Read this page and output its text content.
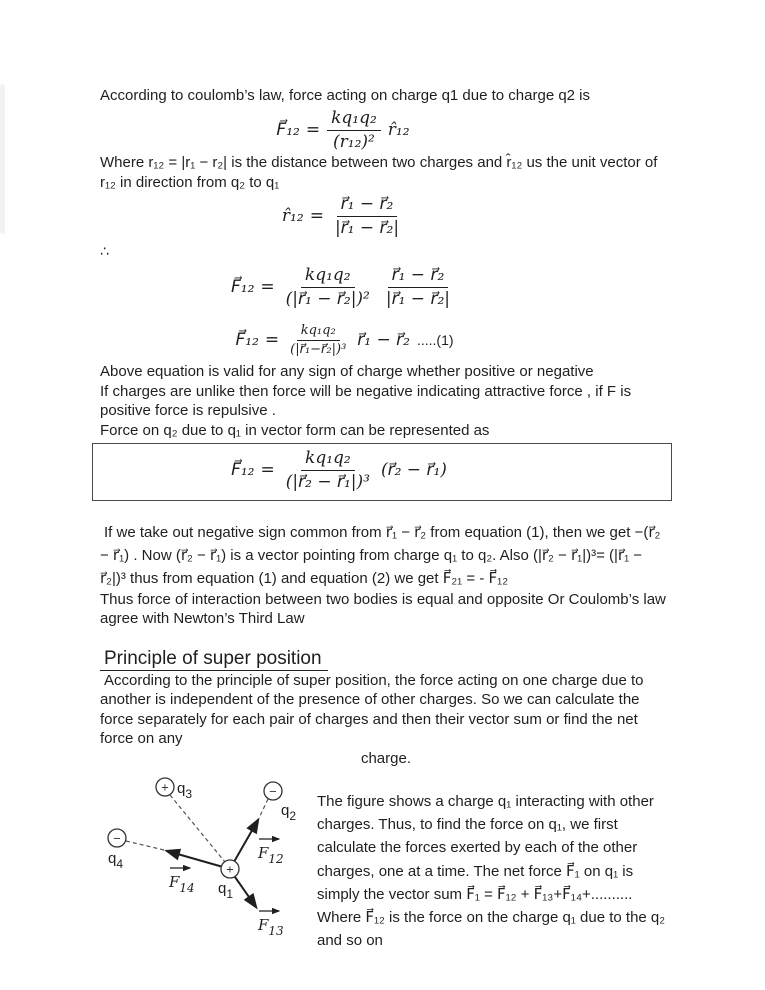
According to coulomb’s law, force acting on charge q1 due to charge q2 is

F⃗₁₂ = $\frac{\text{kq₁q₂}}{\text{(r₁₂)²}}$ r̂₁₂

Where r₁₂ = |r₁ − r₂| is the distance between two charges and r̂₁₂ us the unit vector of r₁₂ in direction from q₂ to q₁

r̂₁₂ = $\frac{\text{r⃗₁ − r⃗₂}}{\text{|r⃗₁ − r⃗₂|}}$

∴

F⃗₁₂ = $\frac{\text{kq₁q₂}}{\text{(|r⃗₁ − r⃗₂|)²}} \frac{\text{r⃗₁ − r⃗₂}}{\text{|r⃗₁ − r⃗₂|}}$
F⃗₁₂ = $\frac{\text{kq₁q₂}}{\text{(|r⃗₁−r⃗₂|)³}}$ r⃗₁ − r⃗₂ .....(1)

Above equation is valid for any sign of charge whether positive or negative

If charges are unlike then force will be negative indicating attractive force , if F is positive force is repulsive .

Force on q₂ due to q₁ in vector form can be represented as

F⃗₁₂ = $\frac{\text{kq₁q₂}}{\text{(|r⃗₂ − r⃗₁|)³}}$ (r⃗₂ − r⃗₁)

If we take out negative sign common from r⃗₁ − r⃗₂ from equation (1), then we get −(r⃗₂ − r⃗₁) . Now (r⃗₂ − r⃗₁) is a vector pointing from charge q₁ to q₂. Also (|r⃗₂ − r⃗₁|)³= (|r⃗₁ − r⃗₂|)³ thus from equation (1) and equation (2) we get F⃗₂₁ = - F⃗₁₂

Thus force of interaction between two bodies is equal and opposite Or Coulomb’s law agree with Newton’s Third Law

Principle of super position

According to the principle of super position, the force acting on one charge due to another is independent of the presence of other charges. So we can calculate the force separately for each pair of charges and then their vector sum or find the net force on any

charge.

+	−
−
+
$q_3$
$q_2$
$q_4$
$q_1$
$F_{12}$
$F_{14}$
$F_{13}$

The figure shows a charge q₁ interacting with other charges. Thus, to find the force on q₁, we first calculate the forces exerted by each of the other charges, one at a time. The net force F⃗₁ on q₁ is simply the vector sum F⃗₁ = F⃗₁₂ + F⃗₁₃+F⃗₁₄+..........

Where F⃗₁₂ is the force on the charge q₁ due to the q₂ and so on
